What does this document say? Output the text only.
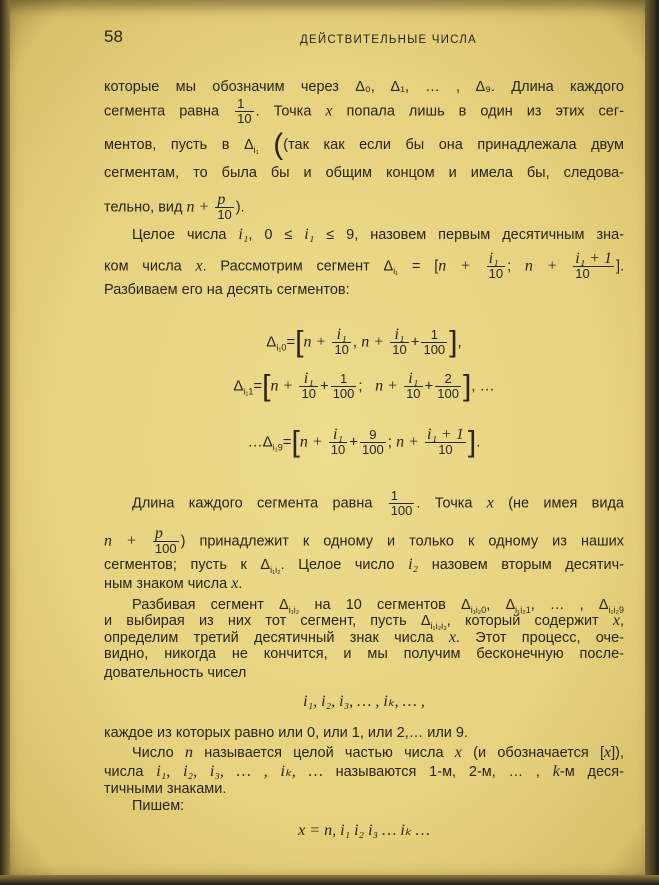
58	ДЕЙСТВИТЕЛЬНЫЕ ЧИСЛА
которые мы обозначим через Δ₀, Δ₁, … , Δ₉. Длина каждого
сегмента равна $\frac{1}{10}$ . Точка x попала лишь в один из этих сег-
ментов, пусть в $\Delta_{i_1}$ ((так как если бы она принадлежала двум
сегментам, то была бы и общим концом и имела бы, следова-
тельно, вид $n + \frac{p}{10}$ ).
Целое числа i₁, 0 ≤ i₁ ≤ 9, назовем первым десятичным зна-
ком числа x. Рассмотрим сегмент $\Delta_{i_1} = [n + \frac{\text{i₁}}{10}$ ; $n + \frac{\text{i₁ + 1}}{10}$ ].
Разбиваем его на десять сегментов:
$\Delta_{i_10}=[n + \frac{\text{i₁}}{10}$ , $n + \frac{\text{i₁}}{10} + \frac{1}{100}$ ],
$\Delta_{i_11}=[n + \frac{\text{i₁}}{10} + \frac{1}{100}$ ; $n + \frac{\text{i₁}}{10} + \frac{2}{100}$ ], …
$\dots\Delta_{i_19}=[n + \frac{\text{i₁}}{10} + \frac{9}{100}$ ; $n + \frac{\text{i₁ + 1}}{10}$ ].
Длина каждого сегмента равна $\frac{1}{100}$ . Точка x (не имея вида
$n + \frac{p}{100}$ ) принадлежит к одному и только к одному из наших
сегментов; пусть к $\Delta_{i_1i_2}$. Целое число i₂ назовем вторым десятич-
ным знаком числа x.
Разбивая сегмент $\Delta_{i_1i_2}$ на 10 сегментов $\Delta_{i_1i_20}$, $\Delta_{i_1i_21}$, … , $\Delta_{i_1i_29}$
и выбирая из них тот сегмент, пусть $\Delta_{i_1i_2i_3}$, который содержит x,
определим третий десятичный знак числа x. Этот процесс, оче-
видно, никогда не кончится, и мы получим бесконечную после-
довательность чисел
i₁, i₂, i₃, … , iₖ, … ,
каждое из которых равно или 0, или 1, или 2,… или 9.
Число n называется целой частью числа x (и обозначается [x]),
числа i₁, i₂, i₃, … , iₖ, … называются 1-м, 2-м, … , k-м деся-
тичными знаками.
Пишем:
x = n, i₁ i₂ i₃ … iₖ …
